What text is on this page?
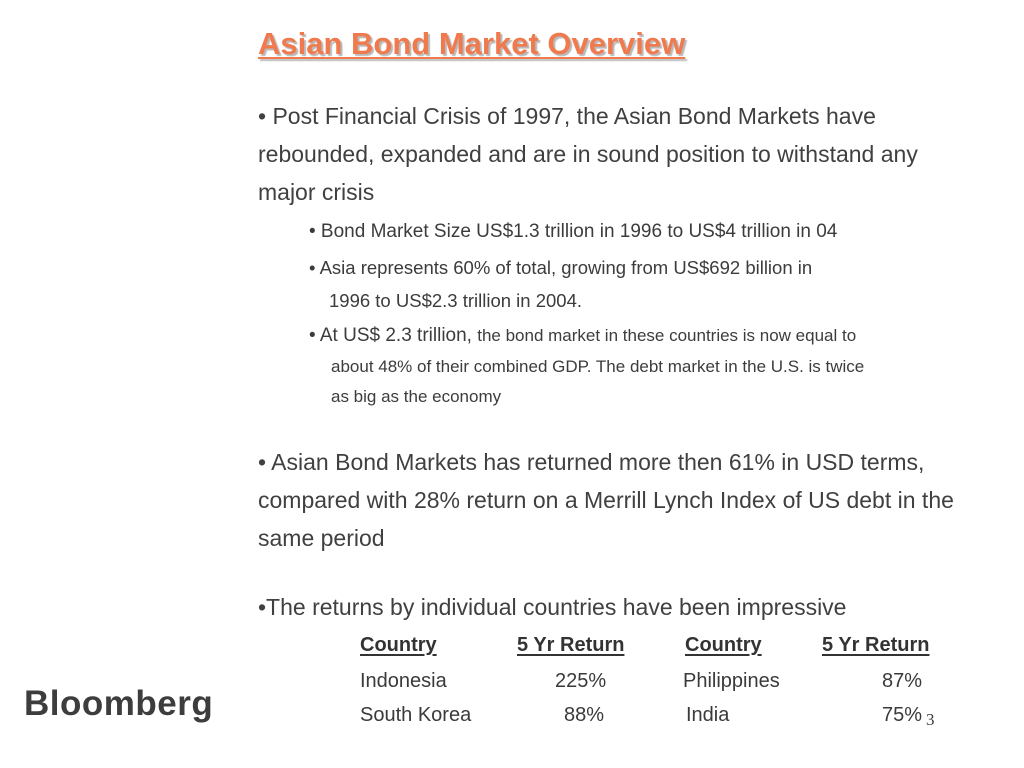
Asian Bond Market Overview

• Post Financial Crisis of 1997, the Asian Bond Markets have rebounded, expanded and are in sound position to withstand any major crisis

• Bond Market Size US$1.3 trillion in 1996 to US$4 trillion in 04

• Asia represents 60% of total, growing from US$692 billion in

1996 to US$2.3 trillion in 2004.

• At US$ 2.3 trillion, the bond market in these countries is now equal to

about 48% of their combined GDP. The debt market in the U.S. is twice

as big as the economy

• Asian Bond Markets has returned more then 61% in USD terms, compared with 28% return on a Merrill Lynch Index of US debt in the same period

•The returns by individual countries have been impressive

Country	5 Yr Return	Country	5 Yr Return
Indonesia	225%	Philippines	87%
South Korea	88%	India	75%
Bloomberg	3
